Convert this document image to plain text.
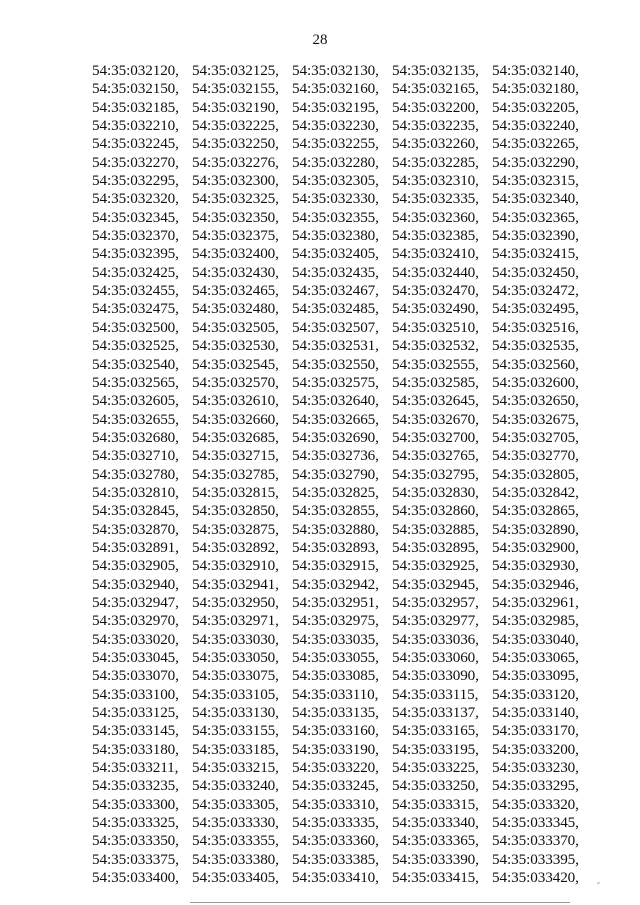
28
54:35:032120,	54:35:032125,	54:35:032130,	54:35:032135,	54:35:032140,
54:35:032150,	54:35:032155,	54:35:032160,	54:35:032165,	54:35:032180,
54:35:032185,	54:35:032190,	54:35:032195,	54:35:032200,	54:35:032205,
54:35:032210,	54:35:032225,	54:35:032230,	54:35:032235,	54:35:032240,
54:35:032245,	54:35:032250,	54:35:032255,	54:35:032260,	54:35:032265,
54:35:032270,	54:35:032276,	54:35:032280,	54:35:032285,	54:35:032290,
54:35:032295,	54:35:032300,	54:35:032305,	54:35:032310,	54:35:032315,
54:35:032320,	54:35:032325,	54:35:032330,	54:35:032335,	54:35:032340,
54:35:032345,	54:35:032350,	54:35:032355,	54:35:032360,	54:35:032365,
54:35:032370,	54:35:032375,	54:35:032380,	54:35:032385,	54:35:032390,
54:35:032395,	54:35:032400,	54:35:032405,	54:35:032410,	54:35:032415,
54:35:032425,	54:35:032430,	54:35:032435,	54:35:032440,	54:35:032450,
54:35:032455,	54:35:032465,	54:35:032467,	54:35:032470,	54:35:032472,
54:35:032475,	54:35:032480,	54:35:032485,	54:35:032490,	54:35:032495,
54:35:032500,	54:35:032505,	54:35:032507,	54:35:032510,	54:35:032516,
54:35:032525,	54:35:032530,	54:35:032531,	54:35:032532,	54:35:032535,
54:35:032540,	54:35:032545,	54:35:032550,	54:35:032555,	54:35:032560,
54:35:032565,	54:35:032570,	54:35:032575,	54:35:032585,	54:35:032600,
54:35:032605,	54:35:032610,	54:35:032640,	54:35:032645,	54:35:032650,
54:35:032655,	54:35:032660,	54:35:032665,	54:35:032670,	54:35:032675,
54:35:032680,	54:35:032685,	54:35:032690,	54:35:032700,	54:35:032705,
54:35:032710,	54:35:032715,	54:35:032736,	54:35:032765,	54:35:032770,
54:35:032780,	54:35:032785,	54:35:032790,	54:35:032795,	54:35:032805,
54:35:032810,	54:35:032815,	54:35:032825,	54:35:032830,	54:35:032842,
54:35:032845,	54:35:032850,	54:35:032855,	54:35:032860,	54:35:032865,
54:35:032870,	54:35:032875,	54:35:032880,	54:35:032885,	54:35:032890,
54:35:032891,	54:35:032892,	54:35:032893,	54:35:032895,	54:35:032900,
54:35:032905,	54:35:032910,	54:35:032915,	54:35:032925,	54:35:032930,
54:35:032940,	54:35:032941,	54:35:032942,	54:35:032945,	54:35:032946,
54:35:032947,	54:35:032950,	54:35:032951,	54:35:032957,	54:35:032961,
54:35:032970,	54:35:032971,	54:35:032975,	54:35:032977,	54:35:032985,
54:35:033020,	54:35:033030,	54:35:033035,	54:35:033036,	54:35:033040,
54:35:033045,	54:35:033050,	54:35:033055,	54:35:033060,	54:35:033065,
54:35:033070,	54:35:033075,	54:35:033085,	54:35:033090,	54:35:033095,
54:35:033100,	54:35:033105,	54:35:033110,	54:35:033115,	54:35:033120,
54:35:033125,	54:35:033130,	54:35:033135,	54:35:033137,	54:35:033140,
54:35:033145,	54:35:033155,	54:35:033160,	54:35:033165,	54:35:033170,
54:35:033180,	54:35:033185,	54:35:033190,	54:35:033195,	54:35:033200,
54:35:033211,	54:35:033215,	54:35:033220,	54:35:033225,	54:35:033230,
54:35:033235,	54:35:033240,	54:35:033245,	54:35:033250,	54:35:033295,
54:35:033300,	54:35:033305,	54:35:033310,	54:35:033315,	54:35:033320,
54:35:033325,	54:35:033330,	54:35:033335,	54:35:033340,	54:35:033345,
54:35:033350,	54:35:033355,	54:35:033360,	54:35:033365,	54:35:033370,
54:35:033375,	54:35:033380,	54:35:033385,	54:35:033390,	54:35:033395,
54:35:033400,	54:35:033405,	54:35:033410,	54:35:033415,	54:35:033420,
